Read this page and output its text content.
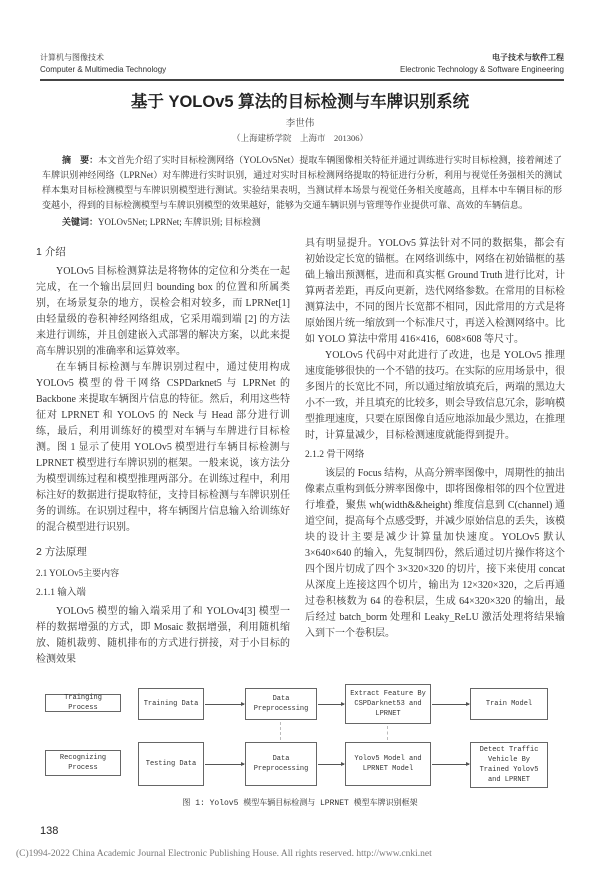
计算机与图像技术
Computer & Multimedia Technology
电子技术与软件工程
Electronic Technology & Software Engineering
基于 YOLOv5 算法的目标检测与车牌识别系统
李世伟
（上海建桥学院　上海市　201306）
摘　要：本文首先介绍了实时目标检测网络（YOLOv5Net）提取车辆图像相关特征并通过训练进行实时目标检测，接着阐述了车牌识别神经网络（LPRNet）对车牌进行实时识别，通过对实时目标检测网络提取的特征进行分析，利用与视觉任务强相关的测试样本集对目标检测模型与车牌识别模型进行测试。实验结果表明，当测试样本场景与视觉任务相关度越高，且样本中车辆目标的形变越小，得到的目标检测模型与车牌识别模型的效果越好，能够为交通车辆识别与管理等作业提供可靠、高效的车辆信息。
关键词：YOLOv5Net; LPRNet; 车牌识别; 目标检测
1 介绍

YOLOv5 目标检测算法是将物体的定位和分类在一起完成，在一个输出层回归 bounding box 的位置和所属类别，在场景复杂的地方，误检会相对较多，而 LPRNet[1] 由轻量级的卷积神经网络组成，它采用端到端 [2] 的方法来进行训练，并且创建嵌入式部署的解决方案，以此来提高车牌识别的准确率和运算效率。

在车辆目标检测与车牌识别过程中，通过使用构成 YOLOv5 模型的骨干网络 CSPDarknet5 与 LPRNet 的 Backbone 来提取车辆图片信息的特征。然后，利用这些特征对 LPRNET 和 YOLOv5 的 Neck 与 Head 部分进行训练，最后，利用训练好的模型对车辆与车牌进行目标检测。图 1 显示了使用 YOLOv5 模型进行车辆目标检测与 LPRNET 模型进行车牌识别的框架。一般来说，该方法分为模型训练过程和模型推理两部分。在训练过程中，利用标注好的数据进行提取特征，支持目标检测与车牌识别任务的训练。在识别过程中，将车辆图片信息输入给训练好的混合模型进行识别。

2 方法原理
2.1 YOLOv5主要内容
2.1.1 输入端

YOLOv5 模型的输入端采用了和 YOLOv4[3] 模型一样的数据增强的方式，即 Mosaic 数据增强，利用随机缩放、随机裁剪、随机排布的方式进行拼接，对于小目标的检测效果

具有明显提升。YOLOv5 算法针对不同的数据集，都会有初始设定长宽的锚框。在网络训练中，网络在初始锚框的基础上输出预测框，进而和真实框 Ground Truth 进行比对，计算两者差距，再反向更新，迭代网络参数。在常用的目标检测算法中，不同的图片长宽都不相同，因此常用的方式是将原始图片统一缩放到一个标准尺寸，再送入检测网络中。比如 YOLO 算法中常用 416×416，608×608 等尺寸。

YOLOv5 代码中对此进行了改进，也是 YOLOv5 推理速度能够很快的一个不错的技巧。在实际的应用场景中，很多图片的长宽比不同，所以通过缩放填充后，两端的黑边大小不一致，并且填充的比较多，则会导致信息冗余，影响模型推理速度，只要在原图像自适应地添加最少黑边，在推理时，计算量减少，目标检测速度就能得到提升。

2.1.2 骨干网络

该层的 Focus 结构，从高分辨率图像中，周期性的抽出像素点重构到低分辨率图像中，即将图像相邻的四个位置进行堆叠，聚焦 wh(width&&height) 维度信息到 C(channel) 通道空间，提高每个点感受野，并减少原始信息的丢失，该模块的设计主要是减少计算量加快速度。YOLOv5 默认 3×640×640 的输入，先复制四份，然后通过切片操作将这个四个图片切成了四个 3×320×320 的切片，接下来使用 concat 从深度上连接这四个切片，输出为 12×320×320，之后再通过卷积核数为 64 的卷积层，生成 64×320×320 的输出，最后经过 batch_borm 处理和 Leaky_ReLU 激活处理将结果输入到下一个卷积层。

Trainging Process	Training Data
Data Preprocessing
Extract Feature By CSPDarknet53 and LPRNET
Train Model
Recognizing Process	Testing Data
Data Preprocessing
Yolov5 Model and LPRNET Model
Detect Traffic Vehicle By Trained Yolov5 and LPRNET
图 1: Yolov5 模型车辆目标检测与 LPRNET 模型车牌识别框架
138
(C)1994-2022 China Academic Journal Electronic Publishing House. All rights reserved. http://www.cnki.net
